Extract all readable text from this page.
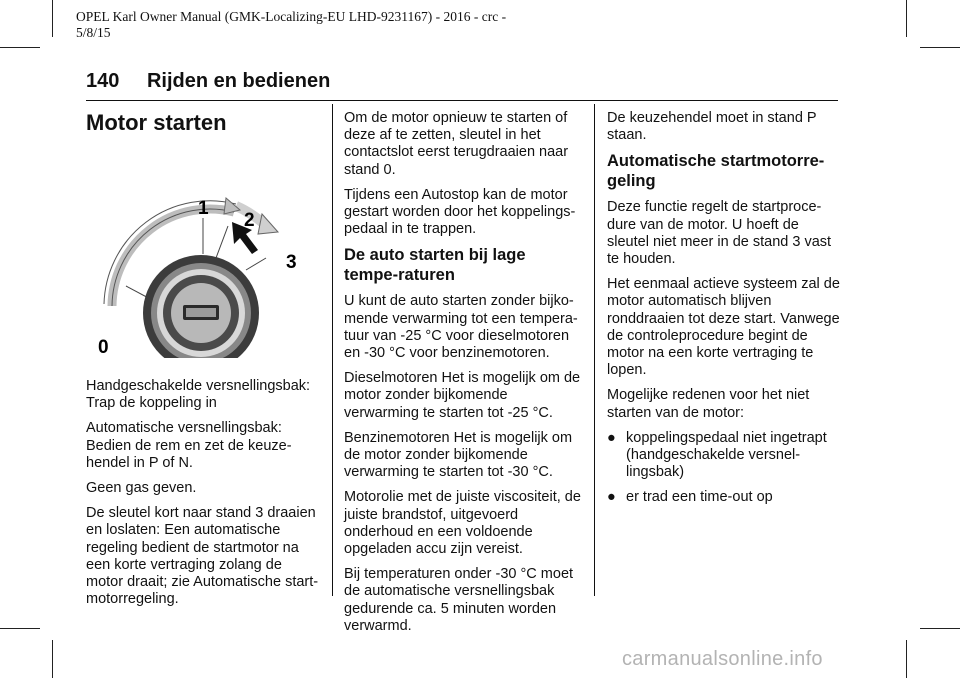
OPEL Karl Owner Manual (GMK-Localizing-EU LHD-9231167) - 2016 - crc -
5/8/15
140 Rijden en bedienen
Motor starten
0
1
2
3

Handgeschakelde versnellingsbak: Trap de koppeling in

Automatische versnellingsbak: Bedien de rem en zet de keuze-hendel in P of N.

Geen gas geven.

De sleutel kort naar stand 3 draaien en loslaten: Een automatische regeling bedient de startmotor na een korte vertraging zolang de motor draait; zie Automatische start-motorregeling.

Om de motor opnieuw te starten of deze af te zetten, sleutel in het contactslot eerst terugdraaien naar stand 0.

Tijdens een Autostop kan de motor gestart worden door het koppelings-pedaal in te trappen.

De auto starten bij lage tempe-raturen

U kunt de auto starten zonder bijko-mende verwarming tot een tempera-tuur van -25 °C voor dieselmotoren en -30 °C voor benzinemotoren.

Dieselmotoren Het is mogelijk om de motor zonder bijkomende verwarming te starten tot -25 °C.

Benzinemotoren Het is mogelijk om de motor zonder bijkomende verwarming te starten tot -30 °C.

Motorolie met de juiste viscositeit, de juiste brandstof, uitgevoerd onderhoud en een voldoende opgeladen accu zijn vereist.

Bij temperaturen onder -30 °C moet de automatische versnellingsbak gedurende ca. 5 minuten worden verwarmd.

De keuzehendel moet in stand P staan.

Automatische startmotorre-geling

Deze functie regelt de startproce-dure van de motor. U hoeft de sleutel niet meer in de stand 3 vast te houden.

Het eenmaal actieve systeem zal de motor automatisch blijven ronddraaien tot deze start. Vanwege de controleprocedure begint de motor na een korte vertraging te lopen.

Mogelijke redenen voor het niet starten van de motor:

● koppelingspedaal niet ingetrapt (handgeschakelde versnel-lingsbak)
● er trad een time-out op
carmanualsonline.info
